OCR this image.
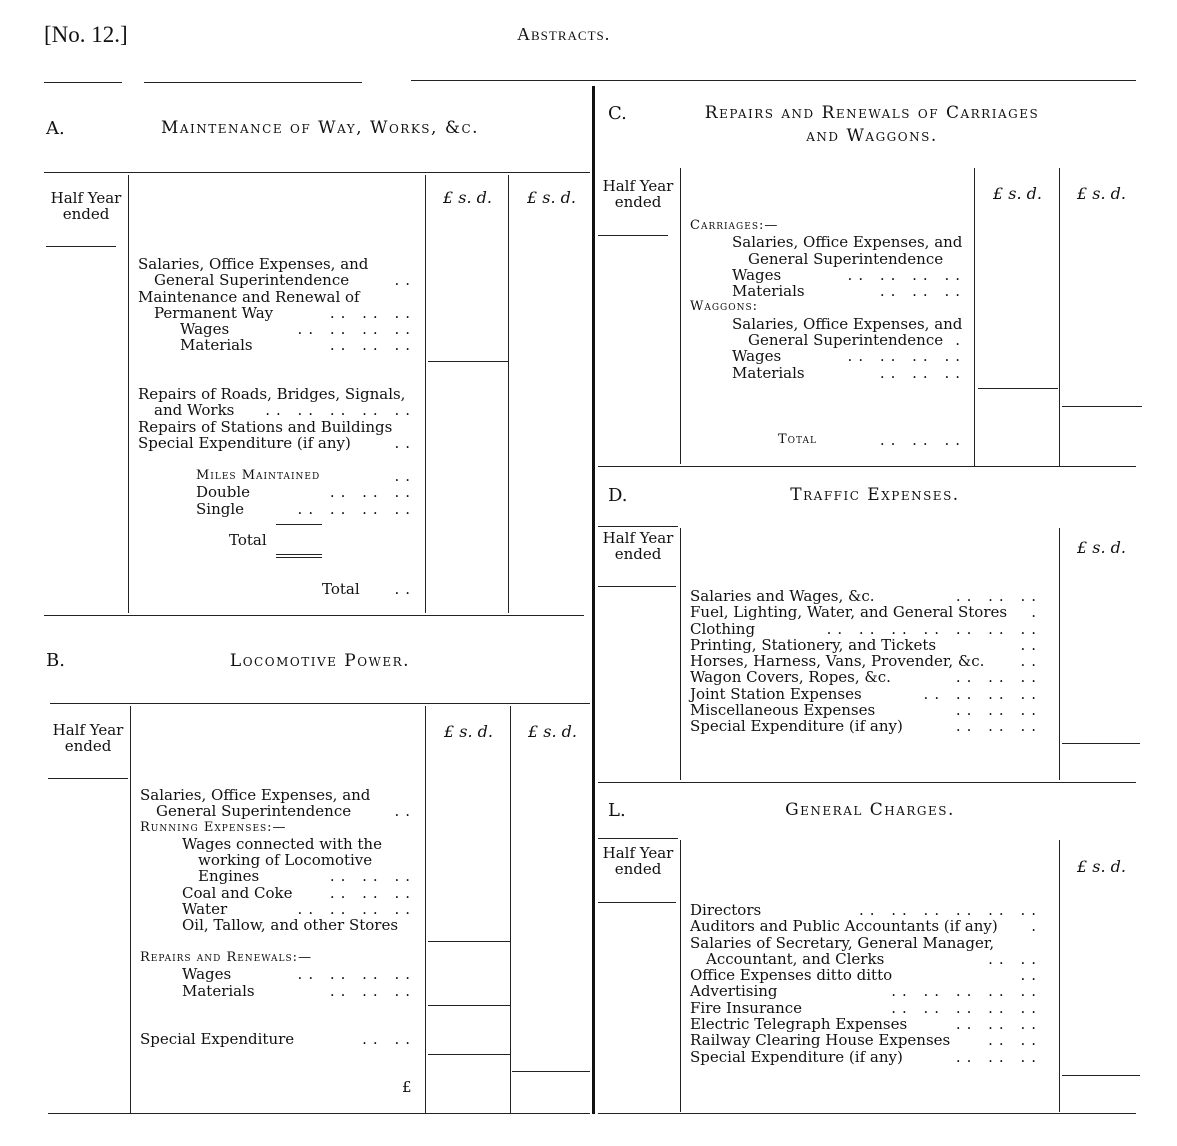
[No. 12.]	Abstracts.
A.	Maintenance of Way, Works, &c.
Half Year
ended
£ s. d. £ s. d.
Salaries, Office Expenses, and
General Superintendence	..
Maintenance and Renewal of
Permanent Way	.. .. ..
Wages	.. .. .. ..
Materials	.. .. ..
Repairs of Roads, Bridges, Signals,
and Works .. .. .. .. ..
Repairs of Stations and Buildings
Special Expenditure (if any)	..
Miles Maintained	..
Double	.. .. ..
Single	.. .. .. ..
Total
Total ..
B.	Locomotive Power.
Half Year
ended
£ s. d. £ s. d.
Salaries, Office Expenses, and
General Superintendence	..
Running Expenses:—
Wages connected with the
working of Locomotive
Engines	.. .. ..
Coal and Coke .. .. ..
Water	.. .. .. ..
Oil, Tallow, and other Stores
Repairs and Renewals:—
Wages	.. .. .. ..
Materials	.. .. ..
Special Expenditure	.. ..
£
C.	Repairs and Renewals of Carriages
and Waggons.
Half Year
ended	£ s. d. £ s. d.
Carriages:—
Salaries, Office Expenses, and
General Superintendence
Wages	.. .. .. ..
Materials	.. .. ..
Waggons:
Salaries, Office Expenses, and
General Superintendence .
Wages	.. .. .. ..
Materials	.. .. ..
Total	.. .. ..
D.	Traffic Expenses.
Half Year
ended	£ s. d.
Salaries and Wages, &c.	.. .. ..
Fuel, Lighting, Water, and General Stores .
Clothing	.. .. .. .. .. .. ..
Printing, Stationery, and Tickets	..
Horses, Harness, Vans, Provender, &c. ..
Wagon Covers, Ropes, &c.	.. .. ..
Joint Station Expenses	.. .. .. ..
Miscellaneous Expenses	.. .. ..
Special Expenditure (if any)	.. .. ..
L.	General Charges.
Half Year
ended	£ s. d.
Directors	.. .. .. .. .. ..
Auditors and Public Accountants (if any) .
Salaries of Secretary, General Manager,
Accountant, and Clerks	.. ..
Office Expenses ditto ditto	..
Advertising	.. .. .. .. ..
Fire Insurance	.. .. .. .. ..
Electric Telegraph Expenses	.. .. ..
Railway Clearing House Expenses	.. ..
Special Expenditure (if any)	.. .. ..
